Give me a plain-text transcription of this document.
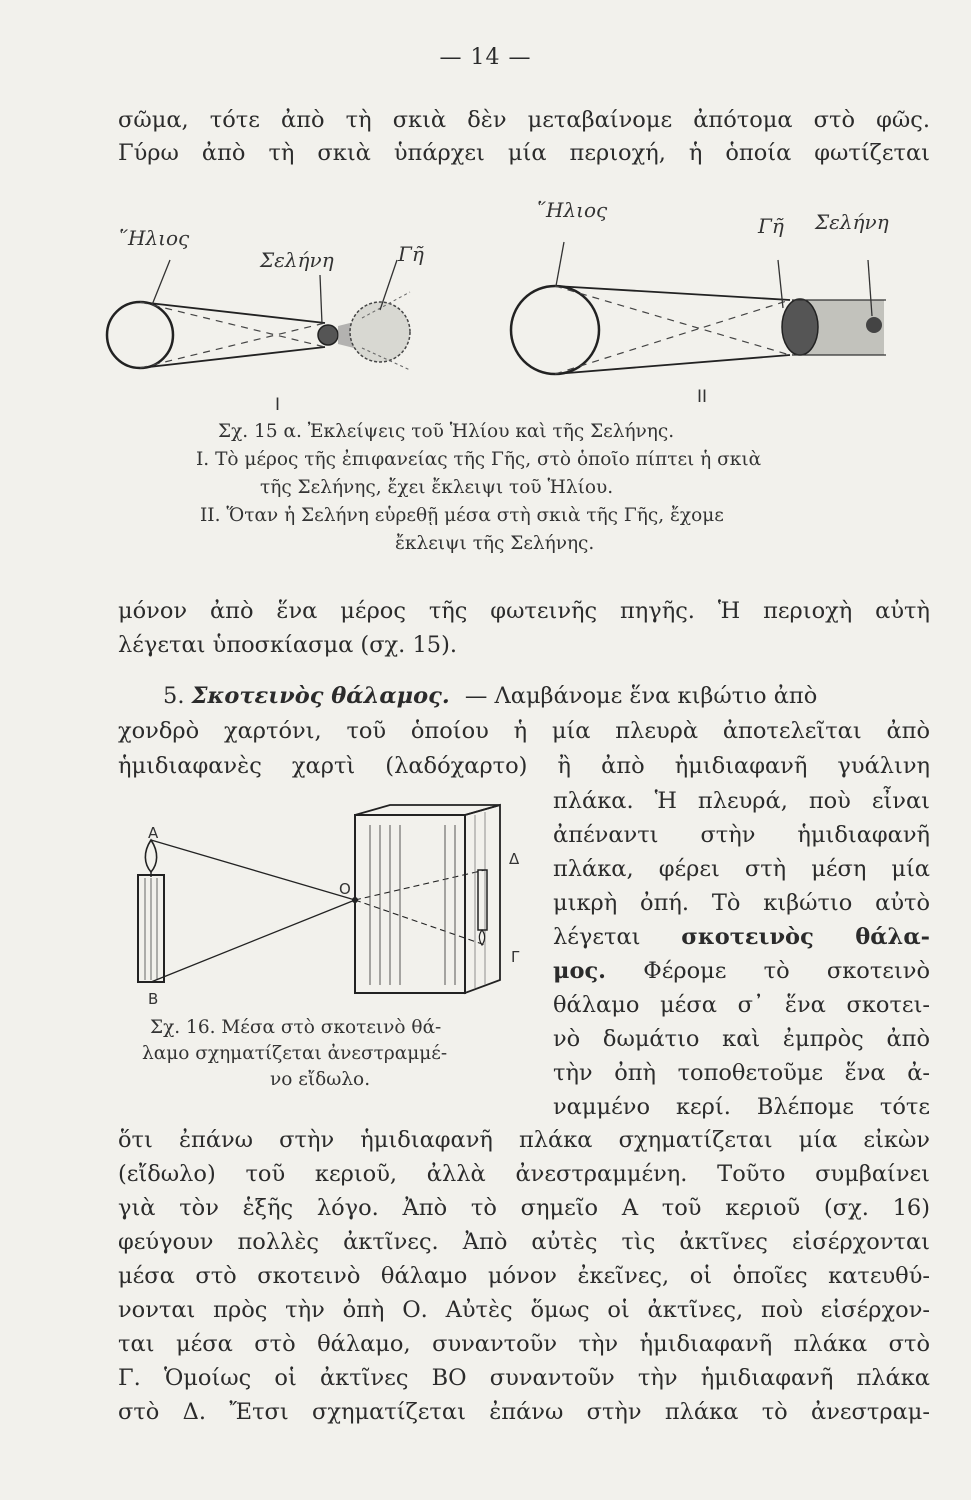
— 14 —
σῶμα, τότε ἀπὸ τὴ σκιὰ δὲν μεταβαίνομε ἀπότομα στὸ φῶς.
Γύρω ἀπὸ τὴ σκιὰ ὑπάρχει μία περιοχή, ἡ ὁποία φωτίζεται
῞Ηλιος
Σελήνη	Γῆ
I
῞Ηλιος
Γῆ Σελήνη
II
Σχ. 15 α. Ἐκλείψεις τοῦ Ἡλίου καὶ τῆς Σελήνης.
I. Τὸ μέρος τῆς ἐπιφανείας τῆς Γῆς, στὸ ὁποῖο πίπτει ἡ σκιὰ
τῆς Σελήνης, ἔχει ἔκλειψι τοῦ Ἡλίου.
II. Ὅταν ἡ Σελήνη εὑρεθῇ μέσα στὴ σκιὰ τῆς Γῆς, ἔχομε
ἔκλειψι τῆς Σελήνης.
μόνον ἀπὸ ἕνα μέρος τῆς φωτεινῆς πηγῆς. Ἡ περιοχὴ αὐτὴ
λέγεται ὑποσκίασμα (σχ. 15).
5. Σκοτεινὸς θάλαμος. — Λαμβάνομε ἕνα κιβώτιο ἀπὸ
χονδρὸ χαρτόνι, τοῦ ὁποίου ἡ μία πλευρὰ ἀποτελεῖται ἀπὸ
ἡμιδιαφανὲς χαρτὶ (λαδόχαρτο) ἢ ἀπὸ ἡμιδιαφανῆ γυάλινη
πλάκα. Ἡ πλευρά, ποὺ εἶναι
ἀπέναντι στὴν ἡμιδιαφανῆ
πλάκα, φέρει στὴ μέση μία
μικρὴ ὀπή. Τὸ κιβώτιο αὐτὸ
λέγεται σκοτεινὸς θάλα-
μος. Φέρομε τὸ σκοτεινὸ
θάλαμο μέσα σ᾽ ἕνα σκοτει-
νὸ δωμάτιο καὶ ἐμπρὸς ἀπὸ
τὴν ὀπὴ τοποθετοῦμε ἕνα ἀ-
ναμμένο κερί. Βλέπομε τότε
Α
Β
Ο
Δ
Γ
Σχ. 16. Μέσα στὸ σκοτεινὸ θά-
λαμο σχηματίζεται ἀνεστραμμέ-
νο εἴδωλο.
ὅτι ἐπάνω στὴν ἡμιδιαφανῆ πλάκα σχηματίζεται μία εἰκὼν
(εἴδωλο) τοῦ κεριοῦ, ἀλλὰ ἀνεστραμμένη. Τοῦτο συμβαίνει
γιὰ τὸν ἑξῆς λόγο. Ἀπὸ τὸ σημεῖο Α τοῦ κεριοῦ (σχ. 16)
φεύγουν πολλὲς ἀκτῖνες. Ἀπὸ αὐτὲς τὶς ἀκτῖνες εἰσέρχονται
μέσα στὸ σκοτεινὸ θάλαμο μόνον ἐκεῖνες, οἱ ὁποῖες κατευθύ-
νονται πρὸς τὴν ὀπὴ Ο. Αὐτὲς ὅμως οἱ ἀκτῖνες, ποὺ εἰσέρχον-
ται μέσα στὸ θάλαμο, συναντοῦν τὴν ἡμιδιαφανῆ πλάκα στὸ
Γ. Ὁμοίως οἱ ἀκτῖνες ΒΟ συναντοῦν τὴν ἡμιδιαφανῆ πλάκα
στὸ Δ. Ἔτσι σχηματίζεται ἐπάνω στὴν πλάκα τὸ ἀνεστραμ-
